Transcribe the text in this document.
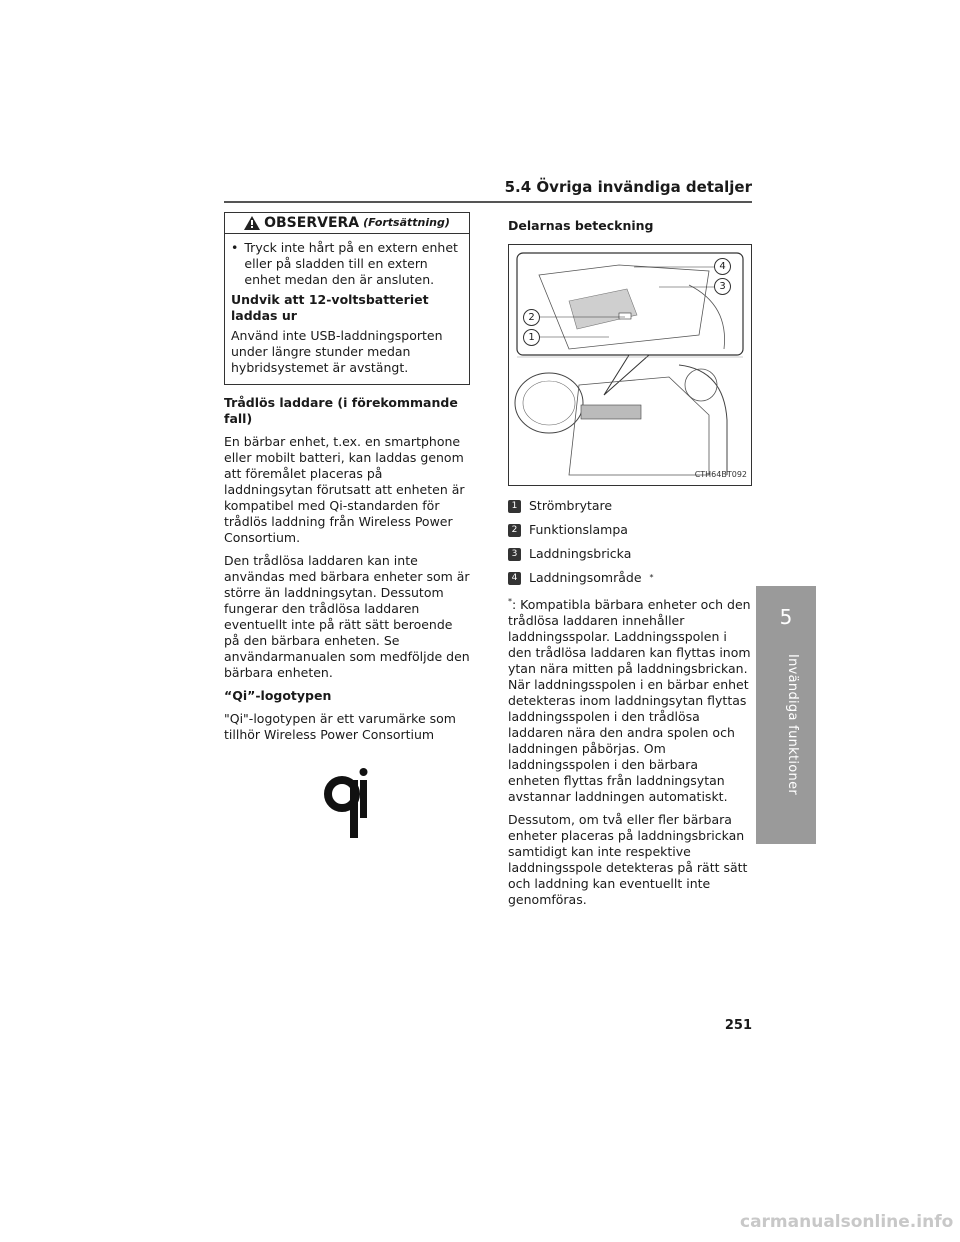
5.4 Övriga invändiga detaljer
5
Invändiga funktioner
OBSERVERA (Fortsättning)
• Tryck inte hårt på en extern enhet eller på sladden till en extern enhet medan den är ansluten.
Undvik att 12-voltsbatteriet laddas ur
Använd inte USB-laddningsporten under längre stunder medan hybridsystemet är avstängt.
Trådlös laddare (i förekommande fall)

En bärbar enhet, t.ex. en smartphone eller mobilt batteri, kan laddas genom att föremålet placeras på laddningsytan förutsatt att enheten är kompatibel med Qi-standarden för trådlös laddning från Wireless Power Consortium.

Den trådlösa laddaren kan inte användas med bärbara enheter som är större än laddningsytan. Dessutom fungerar den trådlösa laddaren eventuellt inte på rätt sätt beroende på den bärbara enheten. Se användarmanualen som medföljde den bärbara enheten.

“Qi”-logotypen

"Qi"-logotypen är ett varumärke som tillhör Wireless Power Consortium

Delarnas beteckning
4
3
2
1
CTH64BT092
1 Strömbrytare
2 Funktionslampa
3 Laddningsbricka
4 Laddningsområde *

*: Kompatibla bärbara enheter och den trådlösa laddaren innehåller laddningsspolar. Laddningsspolen i den trådlösa laddaren kan flyttas inom ytan nära mitten på laddningsbrickan. När laddningsspolen i en bärbar enhet detekteras inom laddningsytan flyttas laddningsspolen i den trådlösa laddaren nära den andra spolen och laddningen påbörjas. Om laddningsspolen i den bärbara enheten flyttas från laddningsytan avstannar laddningen automatiskt.

Dessutom, om två eller fler bärbara enheter placeras på laddningsbrickan samtidigt kan inte respektive laddningsspole detekteras på rätt sätt och laddning kan eventuellt inte genomföras.

251
carmanualsonline.info
